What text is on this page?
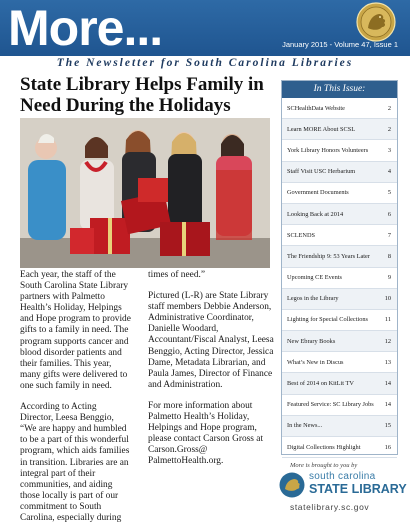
More...	January 2015 - Volume 47, Issue 1
The Newsletter for South Carolina Libraries
State Library Helps Family in Need During the Holidays

Each year, the staff of the South Carolina State Library partners with Palmetto Health’s Holiday, Helpings and Hope program to provide gifts to a family in need. The program supports cancer and blood disorder patients and their families. This year, many gifts were delivered to one such family in need.

According to Acting Director, Leesa Benggio, “We are happy and humbled to be a part of this wonderful program, which aids families in transition. Libraries are an integral part of their communities, and aiding those locally is part of our commitment to South Carolina, especially during

times of need.”

Pictured (L-R) are State Library staff members Debbie Anderson, Administrative Coordinator, Danielle Woodard, Accountant/Fiscal Analyst, Leesa Benggio, Acting Director, Jessica Dame, Metadata Librarian, and Paula James, Director of Finance and Administration.

For more information about Palmetto Health’s Holiday, Helpings and Hope program, please contact Carson Gross at Carson.Gross@ PalmettoHealth.org.

In This Issue:
SCHealthData Website	2
Learn MORE About SCSL	2
York Library Honors Volunteers	3
Staff Visit USC Herbarium	4
Government Documents	5
Looking Back at 2014	6
SCLENDS	7
The Friendship 9: 53 Years Later	8
Upcoming CE Events	9
Legos in the Library	10
Lighting for Special Collections	11
New Ebrary Books	12
What’s New in Discus	13
Best of 2014 on KitLit TV	14
Featured Service: SC Library Jobs 14
In the News...	15
Digital Collections Highlight	16
More is brought to you by
south carolina
STATE LIBRARY
statelibrary.sc.gov
